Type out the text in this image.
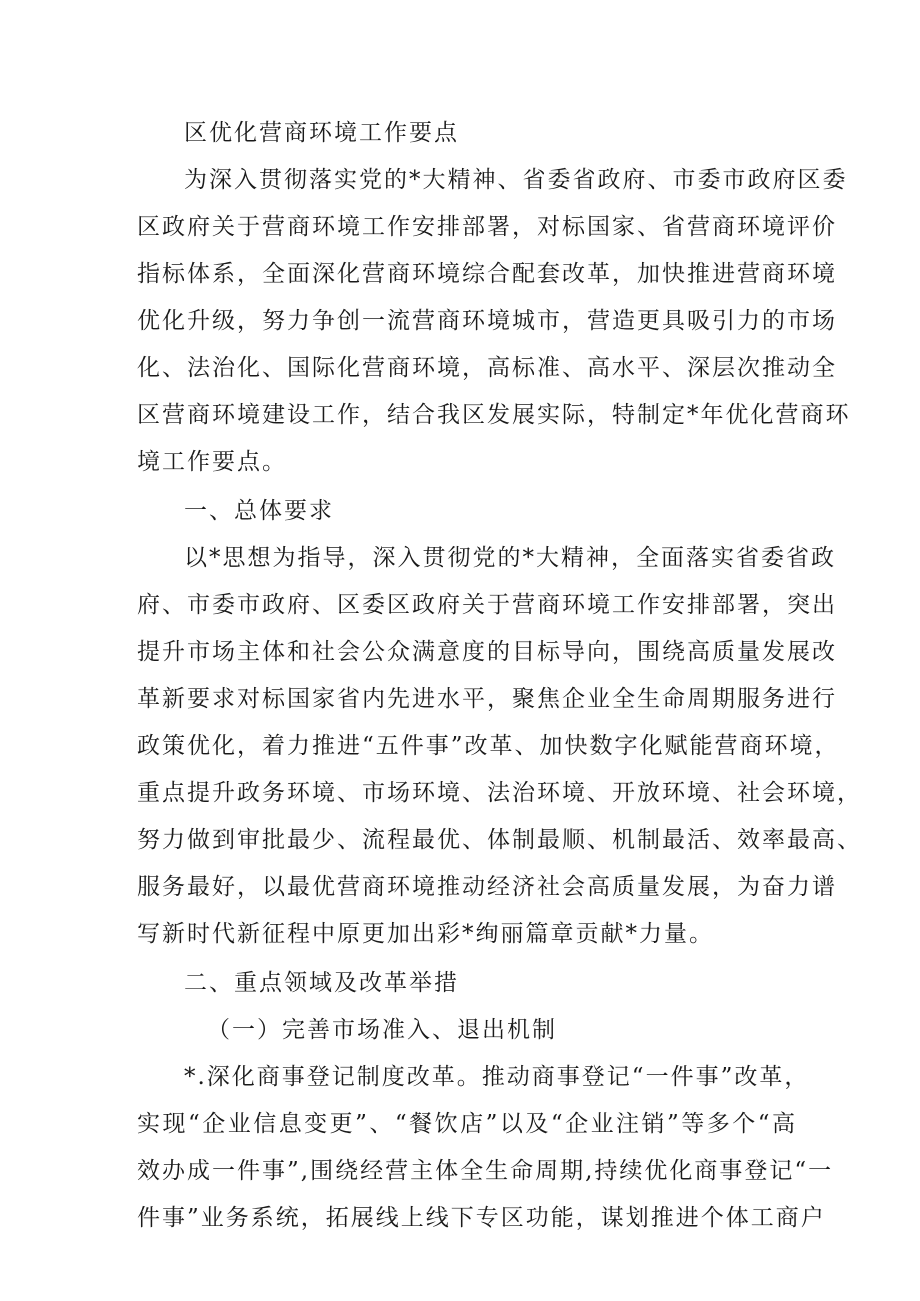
区优化营商环境工作要点
为深入贯彻落实党的*大精神、省委省政府、市委市政府区委
区政府关于营商环境工作安排部署，对标国家、省营商环境评价
指标体系，全面深化营商环境综合配套改革，加快推进营商环境
优化升级，努力争创一流营商环境城市，营造更具吸引力的市场
化、法治化、国际化营商环境，高标准、高水平、深层次推动全
区营商环境建设工作，结合我区发展实际，特制定*年优化营商环
境工作要点。
一、总体要求
以*思想为指导，深入贯彻党的*大精神，全面落实省委省政
府、市委市政府、区委区政府关于营商环境工作安排部署，突出
提升市场主体和社会公众满意度的目标导向，围绕高质量发展改
革新要求对标国家省内先进水平，聚焦企业全生命周期服务进行
政策优化，着力推进“五件事”改革、加快数字化赋能营商环境，
重点提升政务环境、市场环境、法治环境、开放环境、社会环境，
努力做到审批最少、流程最优、体制最顺、机制最活、效率最高、
服务最好，以最优营商环境推动经济社会高质量发展，为奋力谱
写新时代新征程中原更加出彩*绚丽篇章贡献*力量。
二、重点领域及改革举措
（一）完善市场准入、退出机制
*.深化商事登记制度改革。推动商事登记“一件事”改革，
实现“企业信息变更”、“餐饮店”以及“企业注销”等多个“高
效办成一件事”,围绕经营主体全生命周期,持续优化商事登记“一
件事”业务系统，拓展线上线下专区功能，谋划推进个体工商户
